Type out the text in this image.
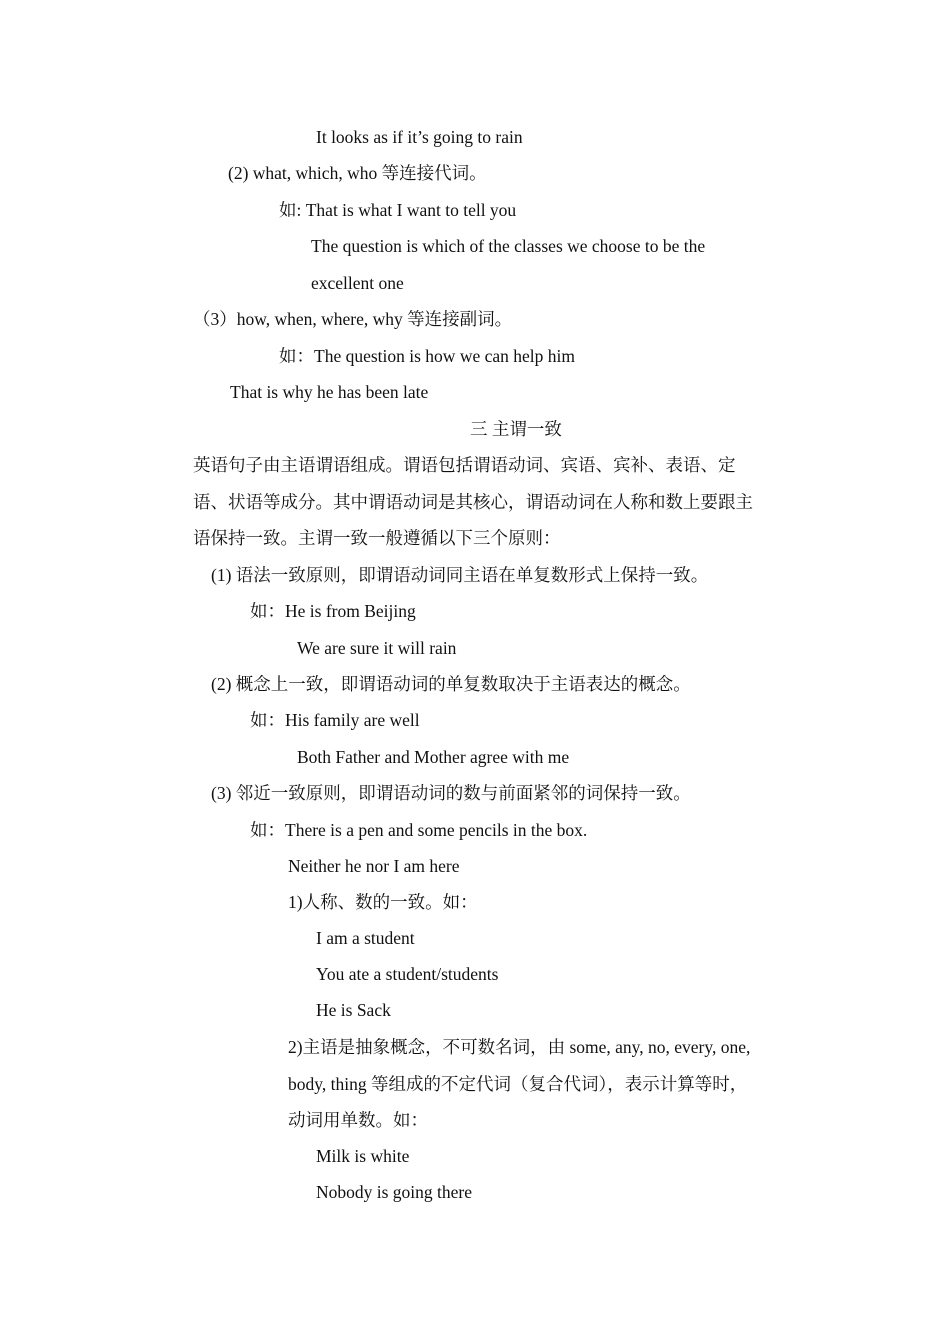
It looks as if it’s going to rain
(2) what, which, who 等连接代词。
如: That is what I want to tell you
The question is which of the classes we choose to be the
excellent one
（3）how, when, where, why 等连接副词。
如：The question is how we can help him
That is why he has been late
三 主谓一致
英语句子由主语谓语组成。谓语包括谓语动词、宾语、宾补、表语、定
语、状语等成分。其中谓语动词是其核心，谓语动词在人称和数上要跟主
语保持一致。主谓一致一般遵循以下三个原则：
(1) 语法一致原则，即谓语动词同主语在单复数形式上保持一致。
如：He is from Beijing
We are sure it will rain
(2) 概念上一致，即谓语动词的单复数取决于主语表达的概念。
如：His family are well
Both Father and Mother agree with me
(3) 邻近一致原则，即谓语动词的数与前面紧邻的词保持一致。
如：There is a pen and some pencils in the box.
Neither he nor I am here
1)人称、数的一致。如：
I am a student
You ate a student/students
He is Sack
2)主语是抽象概念，不可数名词，由 some, any, no, every, one,
body, thing 等组成的不定代词（复合代词），表示计算等时，
动词用单数。如：
Milk is white
Nobody is going there
